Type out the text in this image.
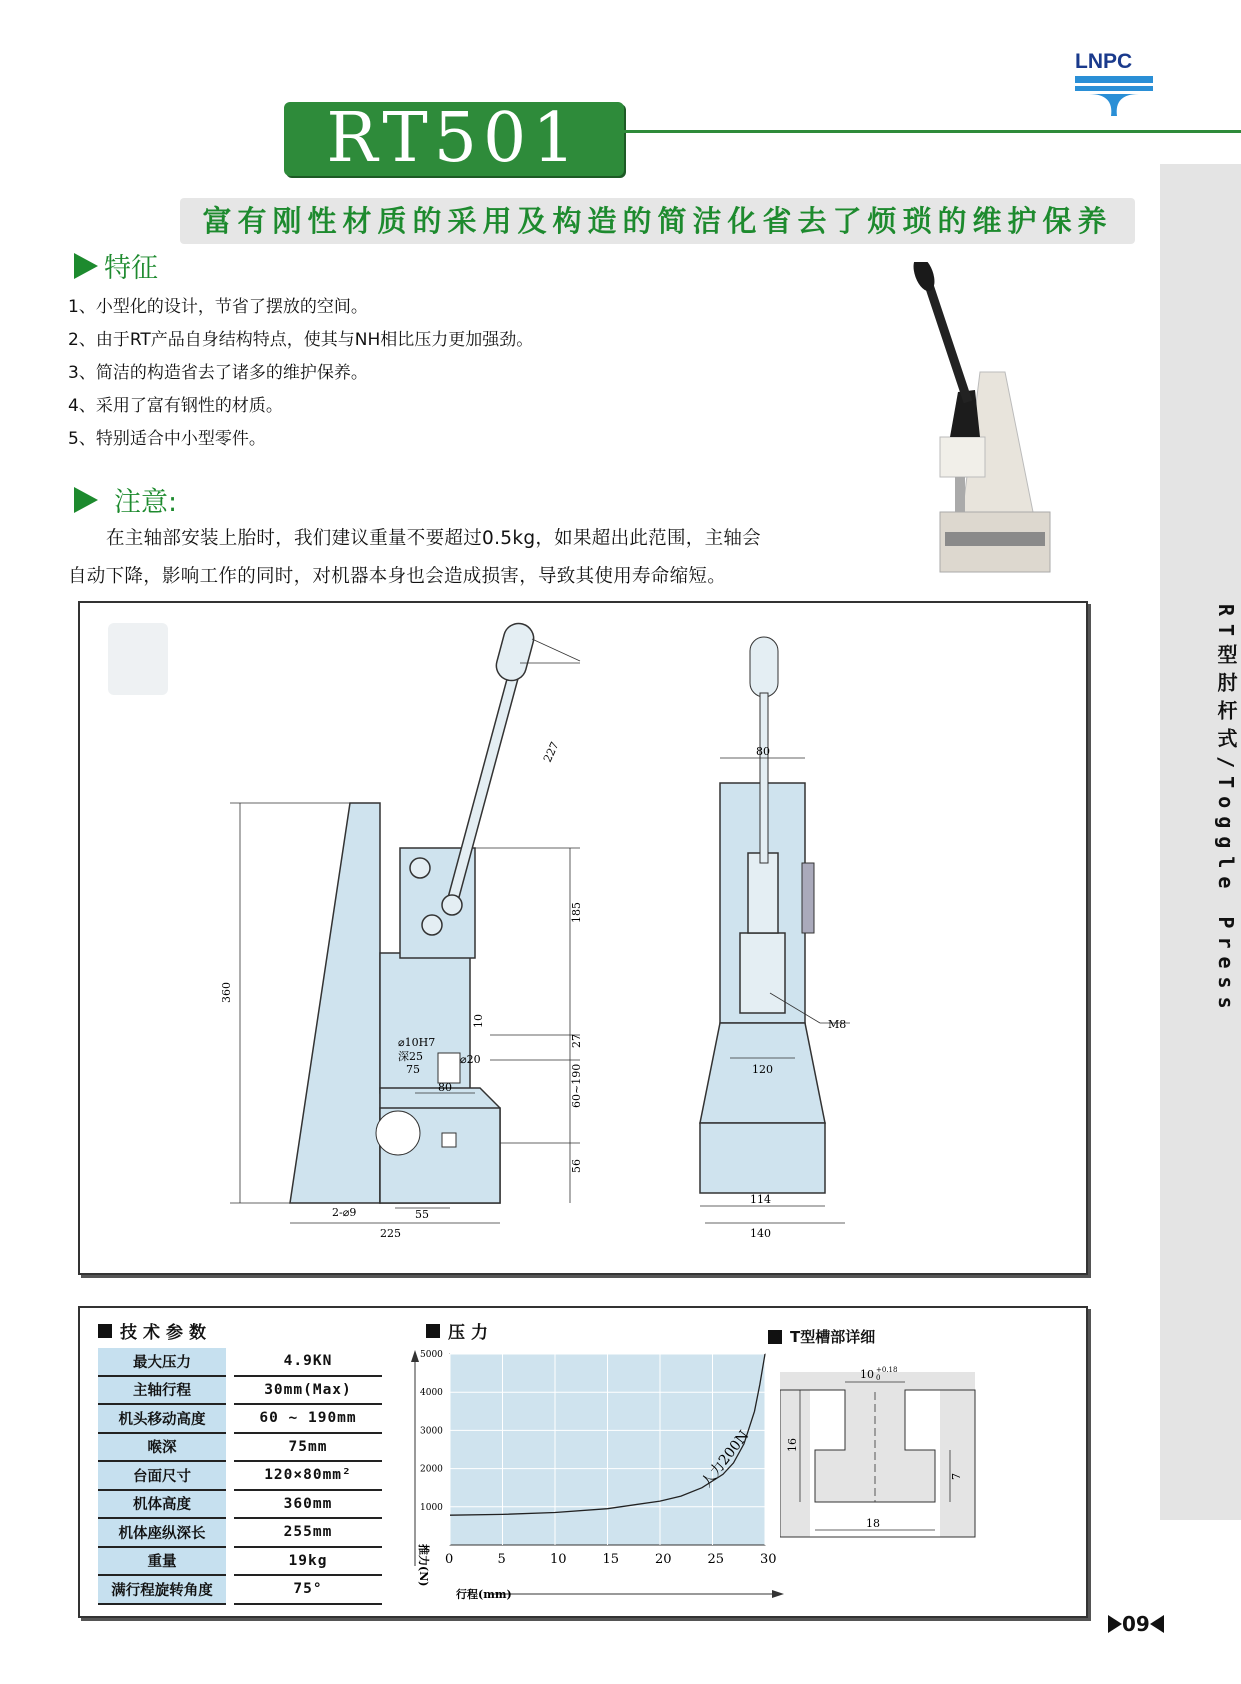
LNPC
RT501
富有刚性材质的采用及构造的简洁化省去了烦琐的维护保养
RT型肘杆式/Toggle Press
特征
1、小型化的设计，节省了摆放的空间。
2、由于RT产品自身结构特点，使其与NH相比压力更加强劲。
3、简洁的构造省去了诸多的维护保养。
4、采用了富有钢性的材质。
5、特别适合中小型零件。
注意:
在主轴部安装上胎时，我们建议重量不要超过0.5kg，如果超出此范围，主轴会
自动下降，影响工作的同时，对机器本身也会造成损害，导致其使用寿命缩短。
360
227
185
27
10
60~190
56
80
55
225
2-⌀9
⌀10H7
深25	⌀20
75
80
120
114
140
M8
技术参数
最大压力	4.9KN
主轴行程	30mm(Max)
机头移动高度	60 ~ 190mm
喉深	75mm
台面尺寸	120×80mm²
机体高度	360mm
机体座纵深长	255mm
重量	19kg
满行程旋转角度	75°
压力
0	5	10	15	20	25	30
1000
2000
3000
4000
5000
推力(N)
行程(mm)
人力200N
T型槽部详细
10 +0.18
0
16
7
18
09
